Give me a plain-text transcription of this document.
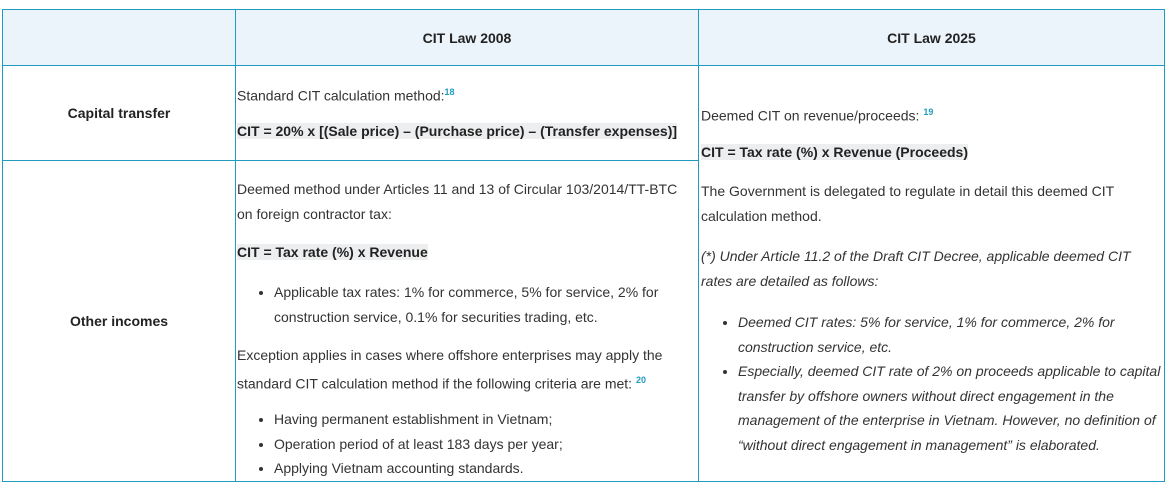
CIT Law 2008	CIT Law 2025
Capital transfer
Other incomes

Standard CIT calculation method:$^{18}$

CIT = 20% x [(Sale price) – (Purchase price) – (Transfer expenses)]

Deemed method under Articles 11 and 13 of Circular 103/2014/TT-BTC on foreign contractor tax:

CIT = Tax rate (%) x Revenue

• Applicable tax rates: 1% for commerce, 5% for service, 2% for construction service, 0.1% for securities trading, etc.

Exception applies in cases where offshore enterprises may apply the standard CIT calculation method if the following criteria are met: $^{20}$

• Having permanent establishment in Vietnam;
• Operation period of at least 183 days per year;
• Applying Vietnam accounting standards.

Deemed CIT on revenue/proceeds: $^{19}$

CIT = Tax rate (%) x Revenue (Proceeds)

The Government is delegated to regulate in detail this deemed CIT calculation method.

(*) Under Article 11.2 of the Draft CIT Decree, applicable deemed CIT rates are detailed as follows:

• Deemed CIT rates: 5% for service, 1% for commerce, 2% for construction service, etc.
• Especially, deemed CIT rate of 2% on proceeds applicable to capital transfer by offshore owners without direct engagement in the management of the enterprise in Vietnam. However, no definition of “without direct engagement in management” is elaborated.
